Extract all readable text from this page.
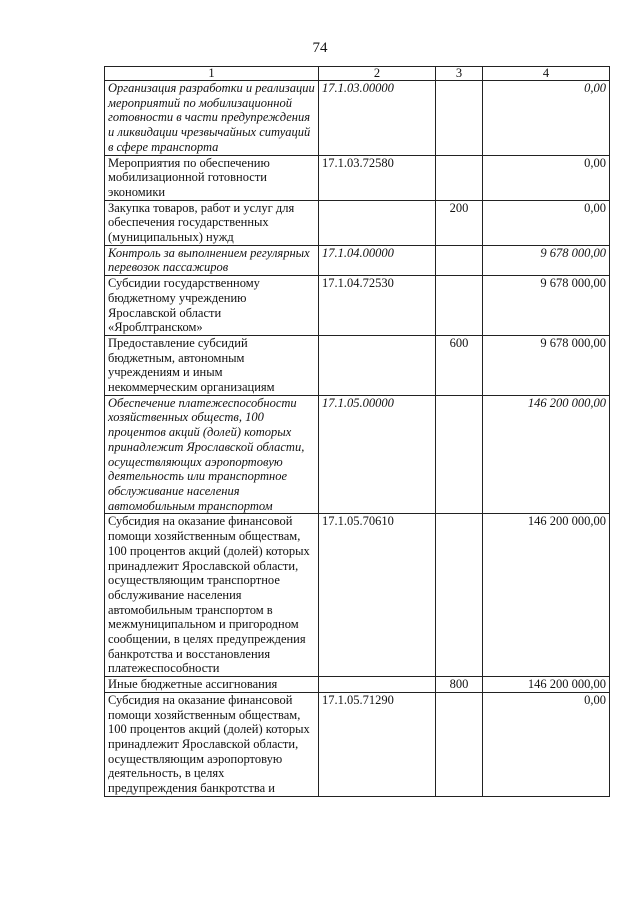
74
1	2	3	4
Организация разработки и реализации мероприятий по мобилизационной готовности в части предупреждения и ликвидации чрезвычайных ситуаций в сфере транспорта	17.1.03.00000		0,00
Мероприятия по обеспечению мобилизационной готовности экономики	17.1.03.72580		0,00
Закупка товаров, работ и услуг для обеспечения государственных (муниципальных) нужд		200	0,00
Контроль за выполнением регулярных перевозок пассажиров	17.1.04.00000		9 678 000,00
Субсидии государственному бюджетному учреждению Ярославской области «Яроблтранском»	17.1.04.72530		9 678 000,00
Предоставление субсидий бюджетным, автономным учреждениям и иным некоммерческим организациям		600	9 678 000,00
Обеспечение платежеспособности хозяйственных обществ, 100 процентов акций (долей) которых принадлежит Ярославской области, осуществляющих аэропортовую деятельность или транспортное обслуживание населения автомобильным транспортом	17.1.05.00000		146 200 000,00
Субсидия на оказание финансовой помощи хозяйственным обществам, 100 процентов акций (долей) которых принадлежит Ярославской области, осуществляющим транспортное обслуживание населения автомобильным транспортом в межмуниципальном и пригородном сообщении, в целях предупреждения банкротства и восстановления платежеспособности	17.1.05.70610		146 200 000,00
Иные бюджетные ассигнования		800	146 200 000,00
Субсидия на оказание финансовой помощи хозяйственным обществам, 100 процентов акций (долей) которых принадлежит Ярославской области, осуществляющим аэропортовую деятельность, в целях предупреждения банкротства и	17.1.05.71290		0,00
